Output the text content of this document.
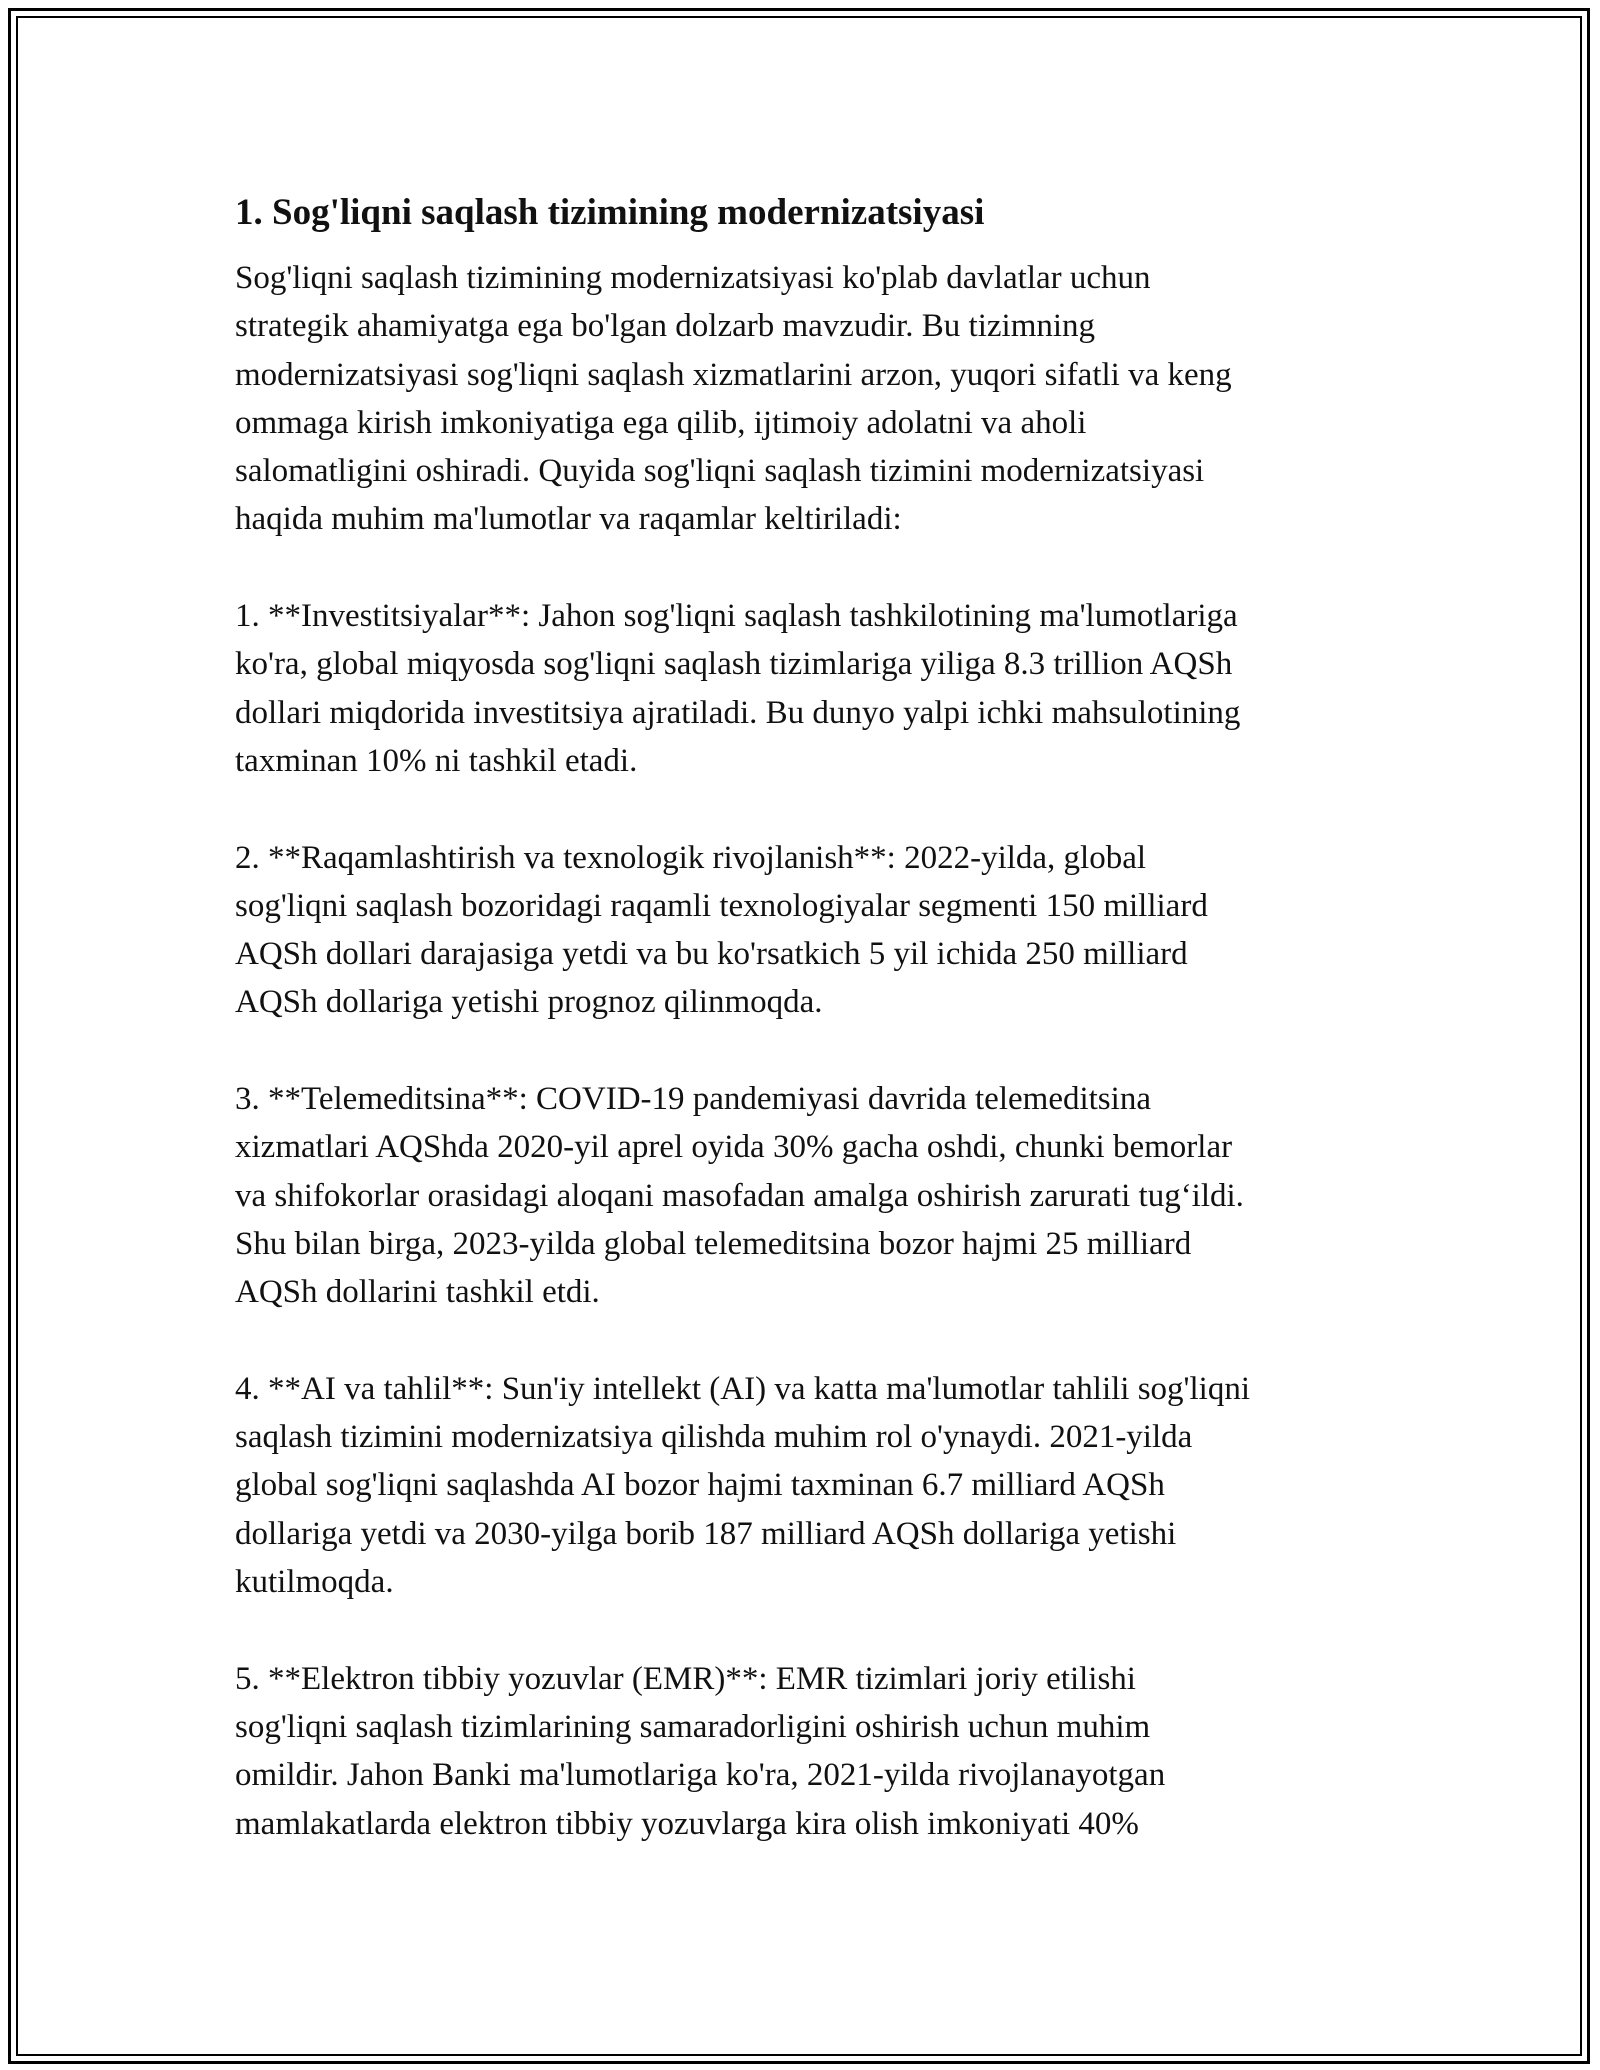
1. Sog'liqni saqlash tizimining modernizatsiyasi

Sog'liqni saqlash tizimining modernizatsiyasi ko'plab davlatlar uchun
strategik ahamiyatga ega bo'lgan dolzarb mavzudir. Bu tizimning
modernizatsiyasi sog'liqni saqlash xizmatlarini arzon, yuqori sifatli va keng
ommaga kirish imkoniyatiga ega qilib, ijtimoiy adolatni va aholi
salomatligini oshiradi. Quyida sog'liqni saqlash tizimini modernizatsiyasi
haqida muhim ma'lumotlar va raqamlar keltiriladi:

1. **Investitsiyalar**: Jahon sog'liqni saqlash tashkilotining ma'lumotlariga
ko'ra, global miqyosda sog'liqni saqlash tizimlariga yiliga 8.3 trillion AQSh
dollari miqdorida investitsiya ajratiladi. Bu dunyo yalpi ichki mahsulotining
taxminan 10% ni tashkil etadi.

2. **Raqamlashtirish va texnologik rivojlanish**: 2022-yilda, global
sog'liqni saqlash bozoridagi raqamli texnologiyalar segmenti 150 milliard
AQSh dollari darajasiga yetdi va bu ko'rsatkich 5 yil ichida 250 milliard
AQSh dollariga yetishi prognoz qilinmoqda.

3. **Telemeditsina**: COVID-19 pandemiyasi davrida telemeditsina
xizmatlari AQShda 2020-yil aprel oyida 30% gacha oshdi, chunki bemorlar
va shifokorlar orasidagi aloqani masofadan amalga oshirish zarurati tug‘ildi.
Shu bilan birga, 2023-yilda global telemeditsina bozor hajmi 25 milliard
AQSh dollarini tashkil etdi.

4. **AI va tahlil**: Sun'iy intellekt (AI) va katta ma'lumotlar tahlili sog'liqni
saqlash tizimini modernizatsiya qilishda muhim rol o'ynaydi. 2021-yilda
global sog'liqni saqlashda AI bozor hajmi taxminan 6.7 milliard AQSh
dollariga yetdi va 2030-yilga borib 187 milliard AQSh dollariga yetishi
kutilmoqda.

5. **Elektron tibbiy yozuvlar (EMR)**: EMR tizimlari joriy etilishi
sog'liqni saqlash tizimlarining samaradorligini oshirish uchun muhim
omildir. Jahon Banki ma'lumotlariga ko'ra, 2021-yilda rivojlanayotgan
mamlakatlarda elektron tibbiy yozuvlarga kira olish imkoniyati 40%
